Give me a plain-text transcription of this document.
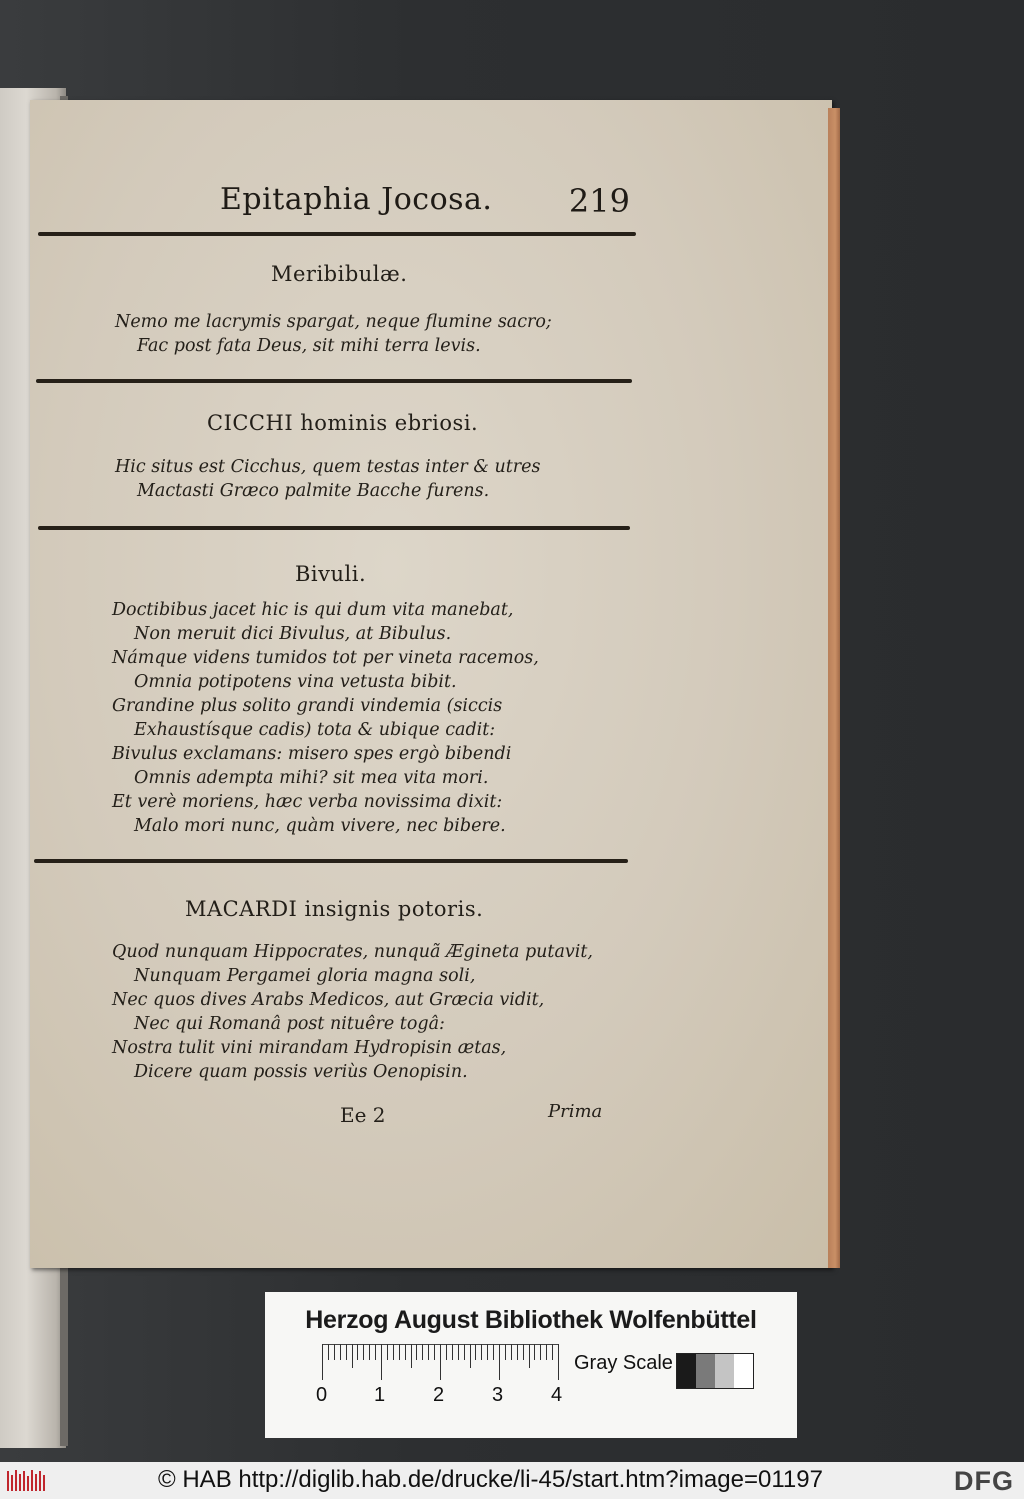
Epitaphia Jocosa. 219
Meribibulæ.
Nemo me lacrymis spargat, neque flumine sacro;
Fac post fata Deus, sit mihi terra levis.
CICCHI hominis ebriosi.
Hic situs est Cicchus, quem testas inter & utres
Mactasti Græco palmite Bacche furens.
Bivuli.
Doctibibus jacet hic is qui dum vita manebat,
Non meruit dici Bivulus, at Bibulus.
Námque videns tumidos tot per vineta racemos,
Omnia potipotens vina vetusta bibit.
Grandine plus solito grandi vindemia (siccis
Exhaustísque cadis) tota & ubique cadit:
Bivulus exclamans: misero spes ergò bibendi
Omnis adempta mihi? sit mea vita mori.
Et verè moriens, hæc verba novissima dixit:
Malo mori nunc, quàm vivere, nec bibere.
MACARDI insignis potoris.
Quod nunquam Hippocrates, nunquã Ægineta putavit,
Nunquam Pergamei gloria magna soli,
Nec quos dives Arabs Medicos, aut Græcia vidit,
Nec qui Romanâ post nituêre togâ:
Nostra tulit vini mirandam Hydropisin ætas,
Dicere quam possis veriùs Oenopisin.
Ee 2	Prima
Herzog August Bibliothek Wolfenbüttel
0 1 2 3 4
Gray Scale
© HAB http://diglib.hab.de/drucke/li-45/start.htm?image=01197	DFG
